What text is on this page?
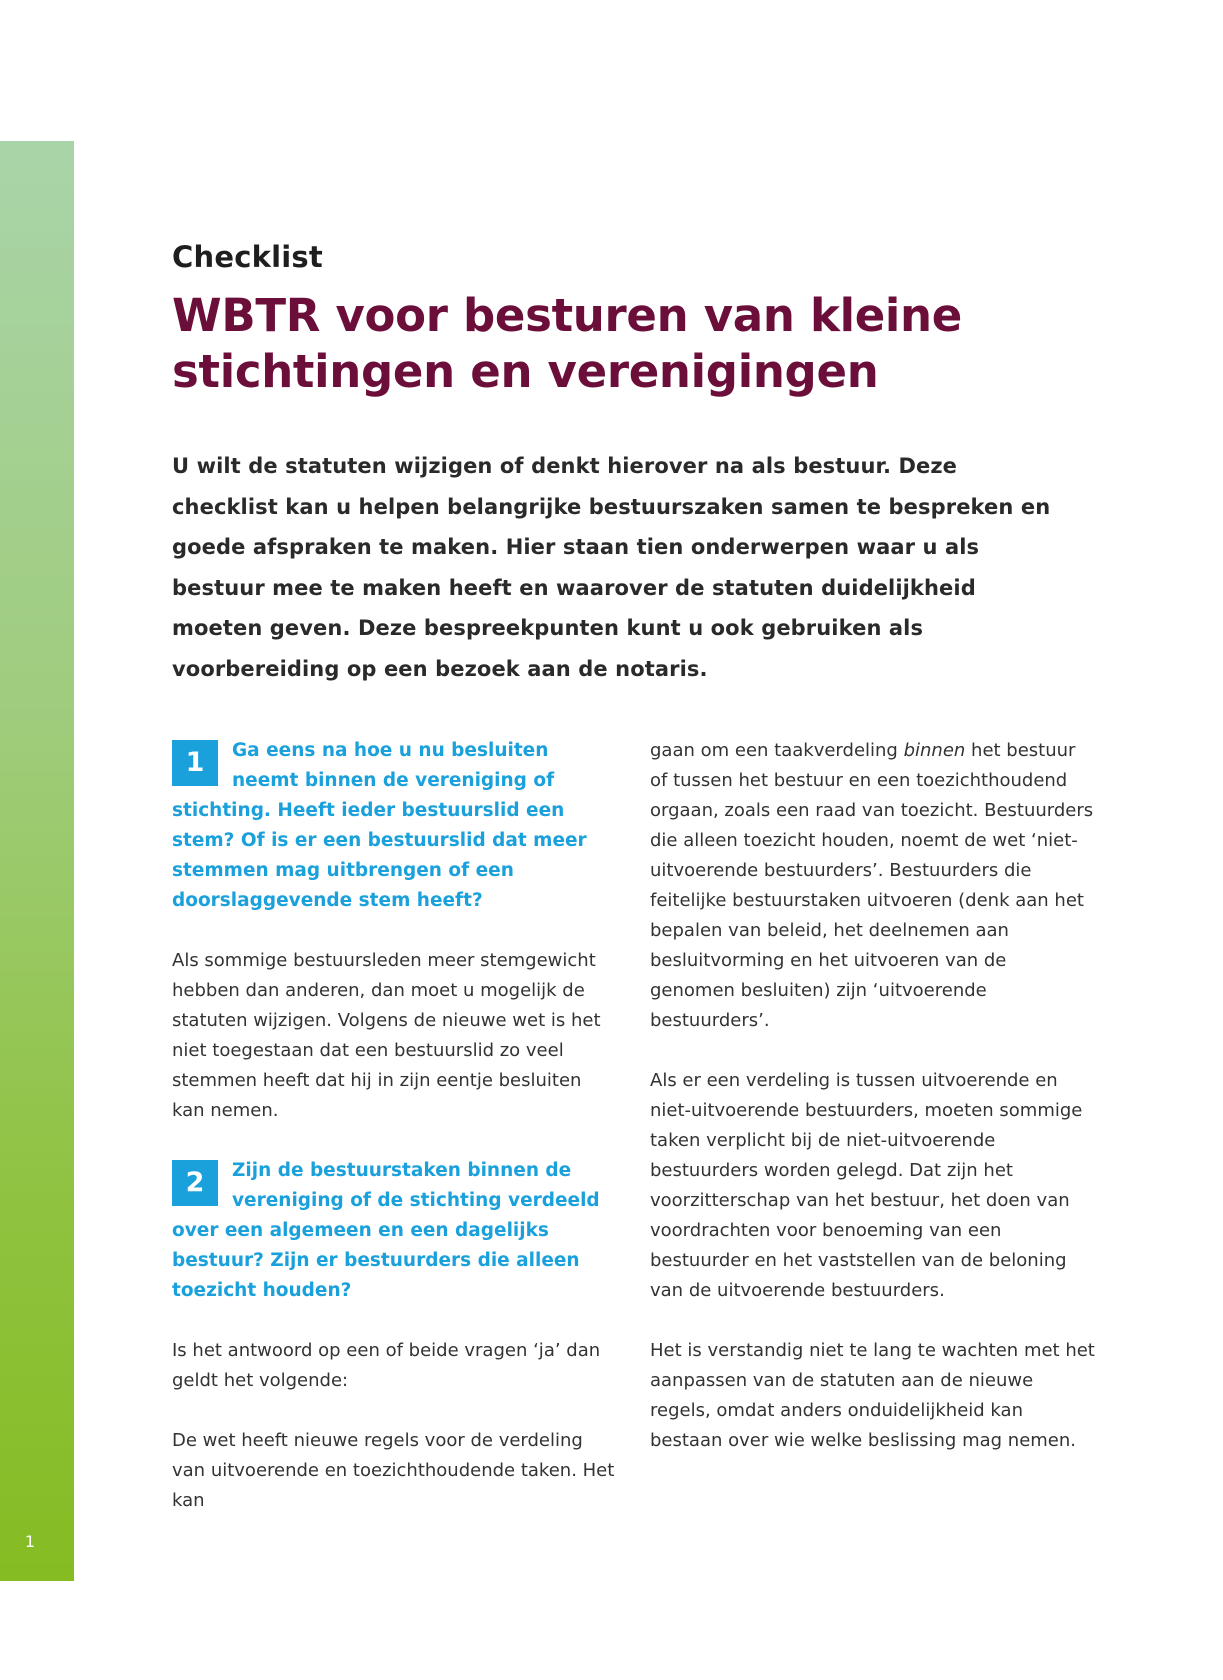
1
Checklist
WBTR voor besturen van kleine
stichtingen en verenigingen
U wilt de statuten wijzigen of denkt hierover na als bestuur. Deze checklist kan u helpen belangrijke bestuurszaken samen te bespreken en goede afspraken te maken. Hier staan tien onderwerpen waar u als bestuur mee te maken heeft en waarover de statuten duidelijkheid moeten geven. Deze bespreekpunten kunt u ook gebruiken als voorbereiding op een bezoek aan de notaris.

1	Ga eens na hoe u nu besluiten neemt binnen de vereniging of stichting. Heeft ieder bestuurslid een stem? Of is er een bestuurslid dat meer stemmen mag uitbrengen of een doorslaggevende stem heeft?

Als sommige bestuursleden meer stemgewicht hebben dan anderen, dan moet u mogelijk de statuten wijzigen. Volgens de nieuwe wet is het niet toegestaan dat een bestuurslid zo veel stemmen heeft dat hij in zijn eentje besluiten kan nemen.

2	Zijn de bestuurstaken binnen de vereniging of de stichting verdeeld over een algemeen en een dagelijks bestuur? Zijn er bestuurders die alleen toezicht houden?

Is het antwoord op een of beide vragen ‘ja’ dan geldt het volgende:

De wet heeft nieuwe regels voor de verdeling van uitvoerende en toezichthoudende taken. Het kan

gaan om een taakverdeling binnen het bestuur of tussen het bestuur en een toezichthoudend orgaan, zoals een raad van toezicht. Bestuurders die alleen toezicht houden, noemt de wet ‘niet-uitvoerende bestuurders’. Bestuurders die feitelijke bestuurstaken uitvoeren (denk aan het bepalen van beleid, het deelnemen aan besluitvorming en het uitvoeren van de genomen besluiten) zijn ‘uitvoerende bestuurders’.

Als er een verdeling is tussen uitvoerende en niet-uitvoerende bestuurders, moeten sommige taken verplicht bij de niet-uitvoerende bestuurders worden gelegd. Dat zijn het voorzitterschap van het bestuur, het doen van voordrachten voor benoeming van een bestuurder en het vaststellen van de beloning van de uitvoerende bestuurders.

Het is verstandig niet te lang te wachten met het aanpassen van de statuten aan de nieuwe regels, omdat anders onduidelijkheid kan bestaan over wie welke beslissing mag nemen.
